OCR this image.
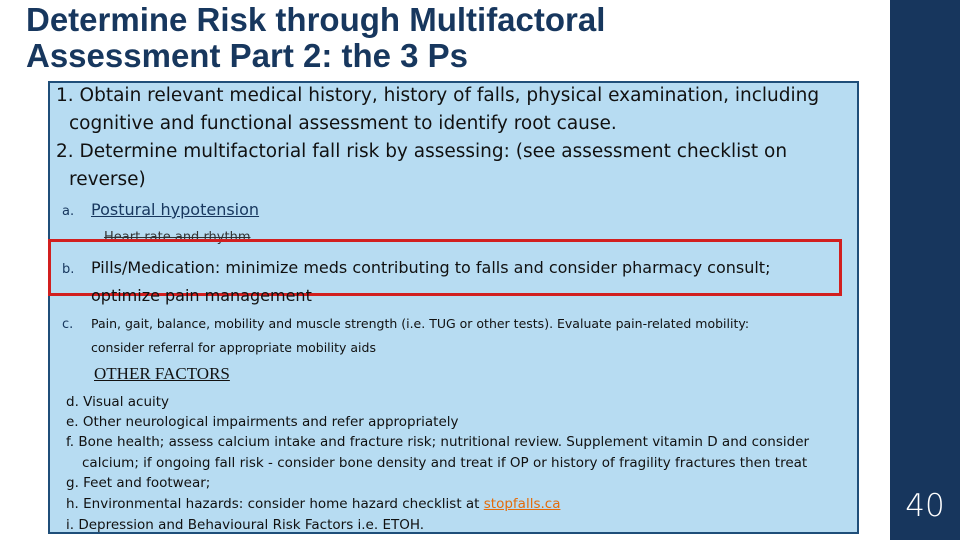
Determine Risk through Multifactoral
Assessment Part 2: the 3 Ps
40
1. Obtain relevant medical history, history of falls, physical examination, including
cognitive and functional assessment to identify root cause.
2. Determine multifactorial fall risk by assessing: (see assessment checklist on
reverse)
a. Postural hypotension
Heart rate and rhythm
b. Pills/Medication: minimize meds contributing to falls and consider pharmacy consult;
optimize pain management
c. Pain, gait, balance, mobility and muscle strength (i.e. TUG or other tests). Evaluate pain-related mobility:
consider referral for appropriate mobility aids
OTHER FACTORS
d. Visual acuity
e. Other neurological impairments and refer appropriately
f. Bone health; assess calcium intake and fracture risk; nutritional review. Supplement vitamin D and consider
calcium; if ongoing fall risk - consider bone density and treat if OP or history of fragility fractures then treat
g. Feet and footwear;
h. Environmental hazards: consider home hazard checklist at stopfalls.ca
i. Depression and Behavioural Risk Factors i.e. ETOH.
